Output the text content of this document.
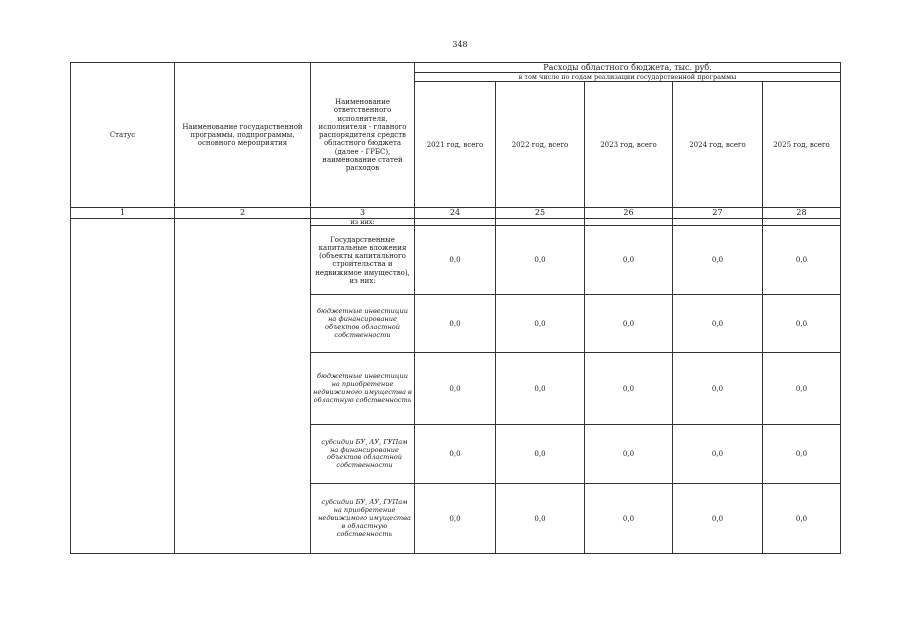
348
Статус	Наименование государственной программы, подпрограммы, основного мероприятия	Наименование ответственного исполнителя, исполнителя - главного распорядителя средств областного бюджета (далее - ГРБС), наименование статей расходов	Расходы областного бюджета, тыс. руб.				
			в том числе по годам реализации государственной программы				
			2021 год, всего	2022 год, всего	2023 год, всего	2024 год, всего	2025 год, всего
1	2	3	24	25	26	27	28
		из них:					
		Государственные капитальные вложения (объекты капитального строительства и недвижимое имущество), из них:	0,0	0,0	0,0	0,0	0,0
		бюджетные инвестиции на финансирование объектов областной собственности	0,0	0,0	0,0	0,0	0,0
		бюджетные инвестиции на приобретение недвижимого имущества в областную собственность	0,0	0,0	0,0	0,0	0,0
		субсидии БУ, АУ, ГУПам на финансирование объектов областной собственности	0,0	0,0	0,0	0,0	0,0
		субсидии БУ, АУ, ГУПам на приобретение недвижимого имущества в областную собственность	0,0	0,0	0,0	0,0	0,0
